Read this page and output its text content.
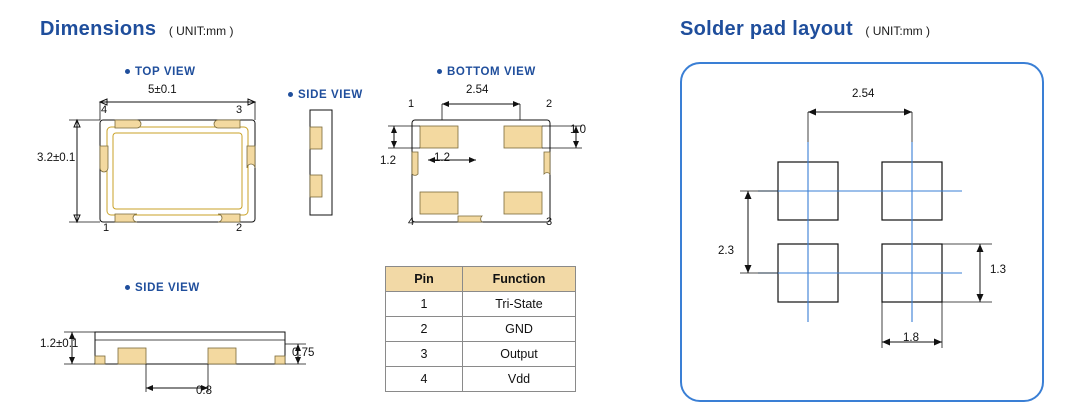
Dimensions ( UNIT:mm )
TOP VIEW
5±0.1
3.2±0.1
4	3
1	2
SIDE VIEW
BOTTOM VIEW
2.54
1.2
1.2
1.0
1	2
4	3
SIDE VIEW
1.2±0.1
0.75
0.8
Pin	Function
1	Tri-State
2	GND
3	Output
4	Vdd
Solder pad layout ( UNIT:mm )
2.54
2.3
1.3
1.8
